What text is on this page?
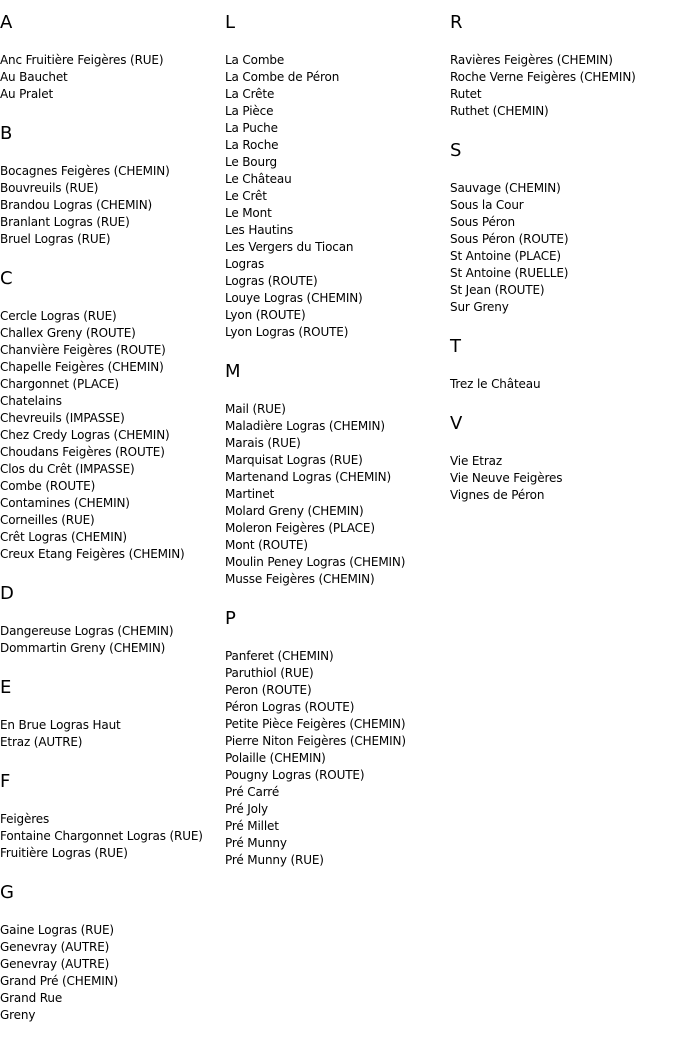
A
Anc Fruitière Feigères (RUE)
Au Bauchet
Au Pralet
B
Bocagnes Feigères (CHEMIN)
Bouvreuils (RUE)
Brandou Logras (CHEMIN)
Branlant Logras (RUE)
Bruel Logras (RUE)
C
Cercle Logras (RUE)
Challex Greny (ROUTE)
Chanvière Feigères (ROUTE)
Chapelle Feigères (CHEMIN)
Chargonnet (PLACE)
Chatelains
Chevreuils (IMPASSE)
Chez Credy Logras (CHEMIN)
Choudans Feigères (ROUTE)
Clos du Crêt (IMPASSE)
Combe (ROUTE)
Contamines (CHEMIN)
Corneilles (RUE)
Crêt Logras (CHEMIN)
Creux Etang Feigères (CHEMIN)
D
Dangereuse Logras (CHEMIN)
Dommartin Greny (CHEMIN)
E
En Brue Logras Haut
Etraz (AUTRE)
F
Feigères
Fontaine Chargonnet Logras (RUE)
Fruitière Logras (RUE)
G
Gaine Logras (RUE)
Genevray (AUTRE)
Genevray (AUTRE)
Grand Pré (CHEMIN)
Grand Rue
Greny
L
La Combe
La Combe de Péron
La Crête
La Pièce
La Puche
La Roche
Le Bourg
Le Château
Le Crêt
Le Mont
Les Hautins
Les Vergers du Tiocan
Logras
Logras (ROUTE)
Louye Logras (CHEMIN)
Lyon (ROUTE)
Lyon Logras (ROUTE)
M
Mail (RUE)
Maladière Logras (CHEMIN)
Marais (RUE)
Marquisat Logras (RUE)
Martenand Logras (CHEMIN)
Martinet
Molard Greny (CHEMIN)
Moleron Feigères (PLACE)
Mont (ROUTE)
Moulin Peney Logras (CHEMIN)
Musse Feigères (CHEMIN)
P
Panferet (CHEMIN)
Paruthiol (RUE)
Peron (ROUTE)
Péron Logras (ROUTE)
Petite Pièce Feigères (CHEMIN)
Pierre Niton Feigères (CHEMIN)
Polaille (CHEMIN)
Pougny Logras (ROUTE)
Pré Carré
Pré Joly
Pré Millet
Pré Munny
Pré Munny (RUE)
R
Ravières Feigères (CHEMIN)
Roche Verne Feigères (CHEMIN)
Rutet
Ruthet (CHEMIN)
S
Sauvage (CHEMIN)
Sous la Cour
Sous Péron
Sous Péron (ROUTE)
St Antoine (PLACE)
St Antoine (RUELLE)
St Jean (ROUTE)
Sur Greny
T
Trez le Château
V
Vie Etraz
Vie Neuve Feigères
Vignes de Péron
